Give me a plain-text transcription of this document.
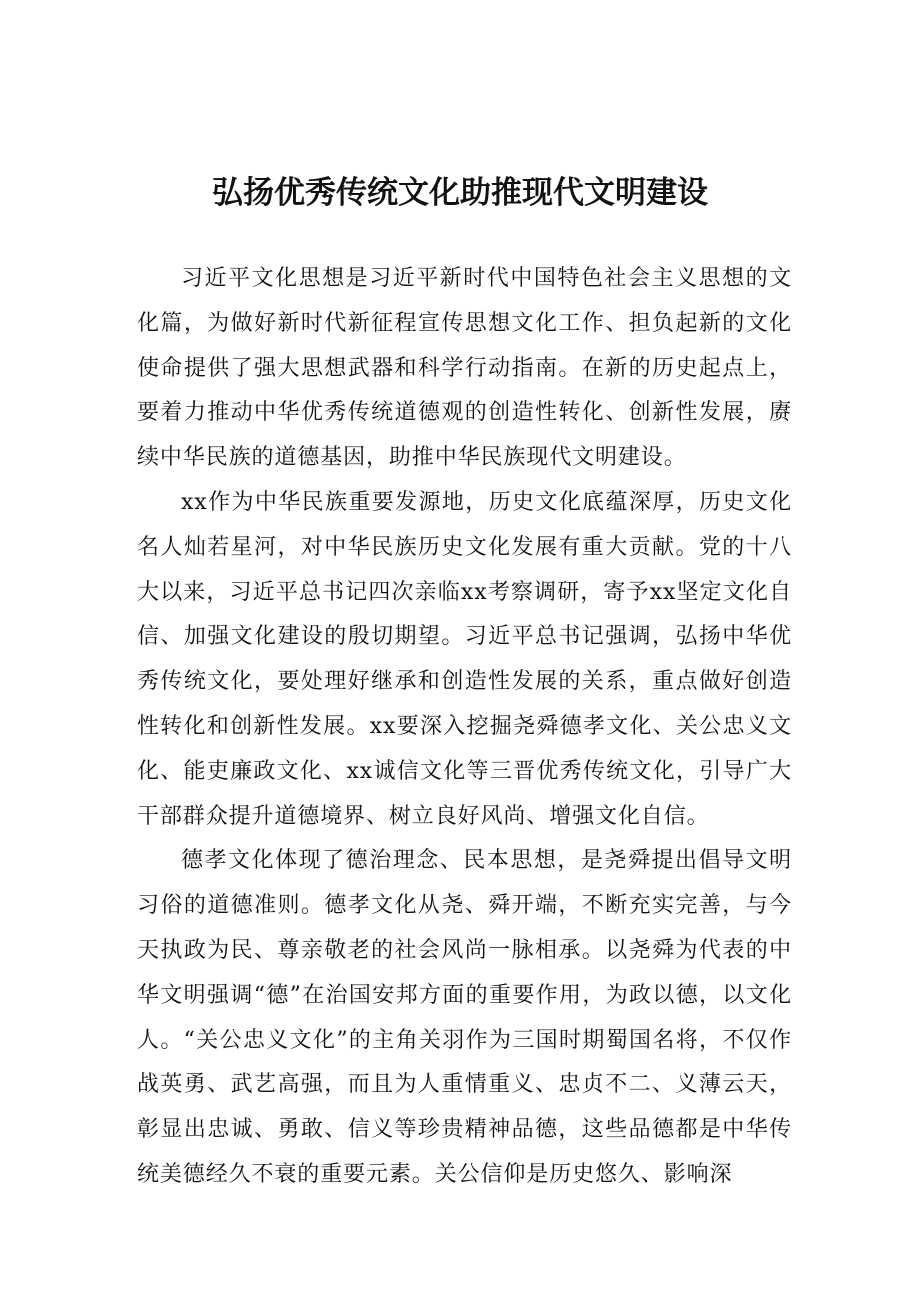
弘扬优秀传统文化助推现代文明建设

习近平文化思想是习近平新时代中国特色社会主义思想的文化篇，为做好新时代新征程宣传思想文化工作、担负起新的文化使命提供了强大思想武器和科学行动指南。在新的历史起点上，要着力推动中华优秀传统道德观的创造性转化、创新性发展，赓续中华民族的道德基因，助推中华民族现代文明建设。

xx作为中华民族重要发源地，历史文化底蕴深厚，历史文化名人灿若星河，对中华民族历史文化发展有重大贡献。党的十八大以来，习近平总书记四次亲临xx考察调研，寄予xx坚定文化自信、加强文化建设的殷切期望。习近平总书记强调，弘扬中华优秀传统文化，要处理好继承和创造性发展的关系，重点做好创造性转化和创新性发展。xx要深入挖掘尧舜德孝文化、关公忠义文化、能吏廉政文化、xx诚信文化等三晋优秀传统文化，引导广大干部群众提升道德境界、树立良好风尚、增强文化自信。

德孝文化体现了德治理念、民本思想，是尧舜提出倡导文明习俗的道德准则。德孝文化从尧、舜开端，不断充实完善，与今天执政为民、尊亲敬老的社会风尚一脉相承。以尧舜为代表的中华文明强调“德”在治国安邦方面的重要作用，为政以德，以文化人。“关公忠义文化”的主角关羽作为三国时期蜀国名将，不仅作战英勇、武艺高强，而且为人重情重义、忠贞不二、义薄云天，彰显出忠诚、勇敢、信义等珍贵精神品德，这些品德都是中华传统美德经久不衰的重要元素。关公信仰是历史悠久、影响深
